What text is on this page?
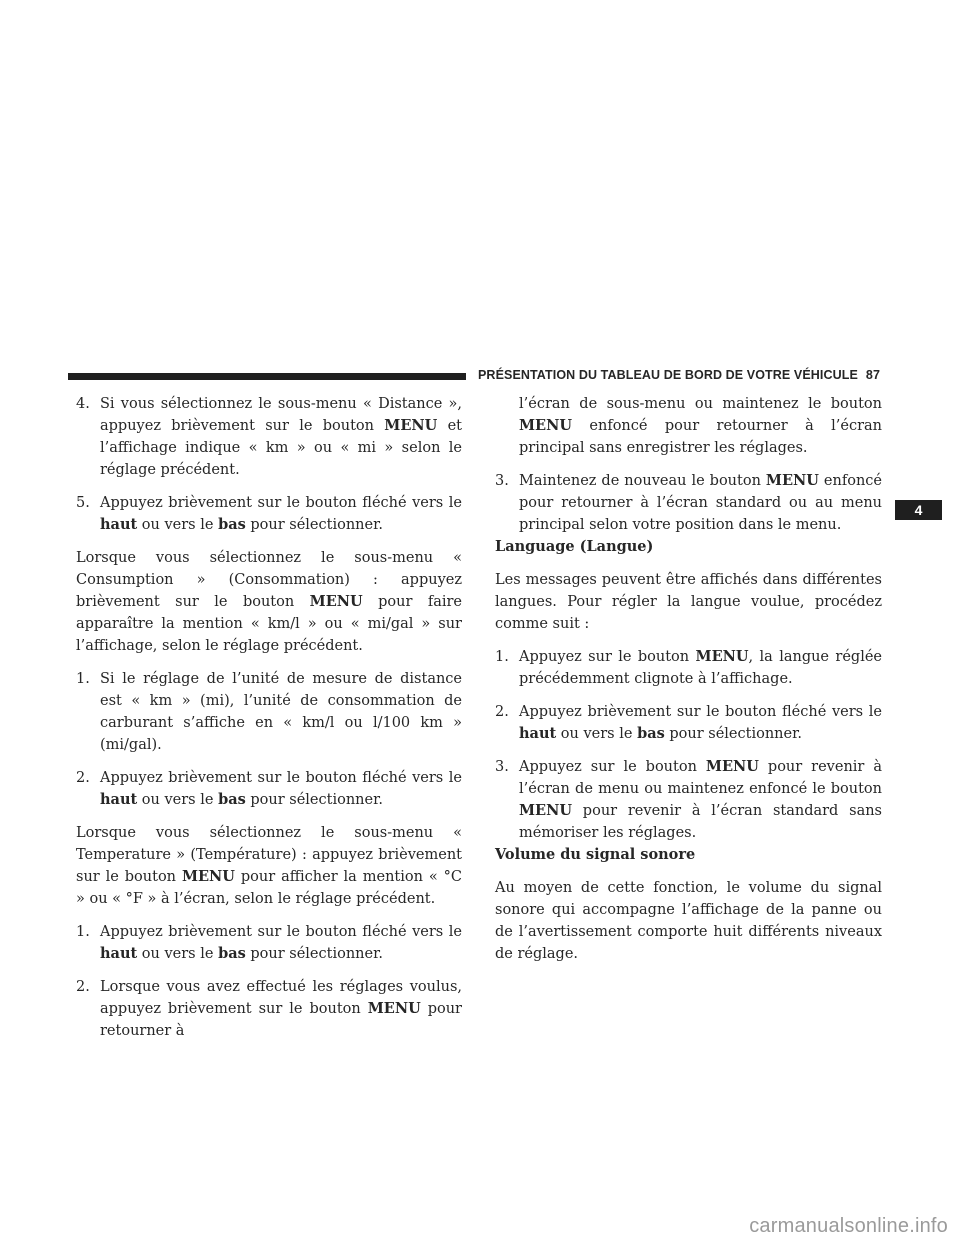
PRÉSENTATION DU TABLEAU DE BORD DE VOTRE VÉHICULE 87
4
4. Si vous sélectionnez le sous-menu « Distance », appuyez brièvement sur le bouton MENU et l’affichage indique « km » ou « mi » selon le réglage précédent.
5. Appuyez brièvement sur le bouton fléché vers le haut ou vers le bas pour sélectionner.

Lorsque vous sélectionnez le sous-menu « Consumption » (Consommation) : appuyez brièvement sur le bouton MENU pour faire apparaître la mention « km/l » ou « mi/gal » sur l’affichage, selon le réglage précédent.

1. Si le réglage de l’unité de mesure de distance est « km » (mi), l’unité de consommation de carburant s’affiche en « km/l ou l/100 km » (mi/gal).
2. Appuyez brièvement sur le bouton fléché vers le haut ou vers le bas pour sélectionner.

Lorsque vous sélectionnez le sous-menu « Temperature » (Température) : appuyez brièvement sur le bouton MENU pour afficher la mention « °C » ou « °F » à l’écran, selon le réglage précédent.

1. Appuyez brièvement sur le bouton fléché vers le haut ou vers le bas pour sélectionner.
2. Lorsque vous avez effectué les réglages voulus, appuyez brièvement sur le bouton MENU pour retourner à
l’écran de sous-menu ou maintenez le bouton MENU enfoncé pour retourner à l’écran principal sans enregistrer les réglages.
3. Maintenez de nouveau le bouton MENU enfoncé pour retourner à l’écran standard ou au menu principal selon votre position dans le menu.

Language (Langue)

Les messages peuvent être affichés dans différentes langues. Pour régler la langue voulue, procédez comme suit :

1. Appuyez sur le bouton MENU, la langue réglée précédemment clignote à l’affichage.
2. Appuyez brièvement sur le bouton fléché vers le haut ou vers le bas pour sélectionner.
3. Appuyez sur le bouton MENU pour revenir à l’écran de menu ou maintenez enfoncé le bouton MENU pour revenir à l’écran standard sans mémoriser les réglages.

Volume du signal sonore

Au moyen de cette fonction, le volume du signal sonore qui accompagne l’affichage de la panne ou de l’avertissement comporte huit différents niveaux de réglage.

carmanualsonline.info
